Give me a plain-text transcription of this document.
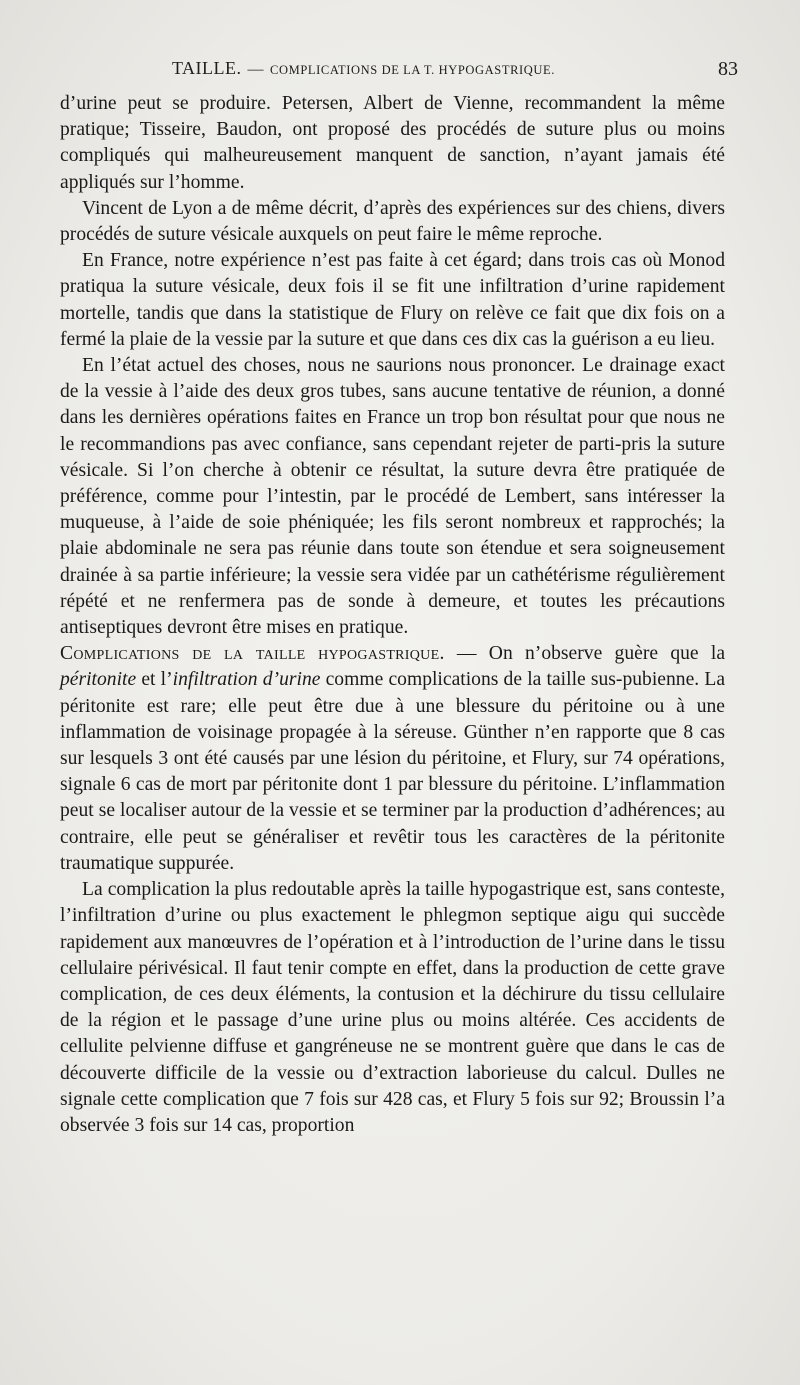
TAILLE. — COMPLICATIONS DE LA T. HYPOGASTRIQUE.	83

d’urine peut se produire. Petersen, Albert de Vienne, recommandent la même pratique; Tisseire, Baudon, ont proposé des procédés de suture plus ou moins compliqués qui malheureusement manquent de sanction, n’ayant jamais été appliqués sur l’homme.

Vincent de Lyon a de même décrit, d’après des expériences sur des chiens, divers procédés de suture vésicale auxquels on peut faire le même reproche.

En France, notre expérience n’est pas faite à cet égard; dans trois cas où Monod pratiqua la suture vésicale, deux fois il se fit une infiltration d’urine rapidement mortelle, tandis que dans la statistique de Flury on relève ce fait que dix fois on a fermé la plaie de la vessie par la suture et que dans ces dix cas la guérison a eu lieu.

En l’état actuel des choses, nous ne saurions nous prononcer. Le drainage exact de la vessie à l’aide des deux gros tubes, sans aucune tentative de réunion, a donné dans les dernières opérations faites en France un trop bon résultat pour que nous ne le recommandions pas avec confiance, sans cependant rejeter de parti-pris la suture vésicale. Si l’on cherche à obtenir ce résultat, la suture devra être pratiquée de préférence, comme pour l’intestin, par le procédé de Lembert, sans intéresser la muqueuse, à l’aide de soie phéniquée; les fils seront nombreux et rapprochés; la plaie abdominale ne sera pas réunie dans toute son étendue et sera soigneusement drainée à sa partie inférieure; la vessie sera vidée par un cathétérisme régulièrement répété et ne renfermera pas de sonde à demeure, et toutes les précautions antiseptiques devront être mises en pratique.

Complications de la taille hypogastrique. — On n’observe guère que la péritonite et l’infiltration d’urine comme complications de la taille sus-pubienne. La péritonite est rare; elle peut être due à une blessure du péritoine ou à une inflammation de voisinage propagée à la séreuse. Günther n’en rapporte que 8 cas sur lesquels 3 ont été causés par une lésion du péritoine, et Flury, sur 74 opérations, signale 6 cas de mort par péritonite dont 1 par blessure du péritoine. L’inflammation peut se localiser autour de la vessie et se terminer par la production d’adhérences; au contraire, elle peut se généraliser et revêtir tous les caractères de la péritonite traumatique suppurée.

La complication la plus redoutable après la taille hypogastrique est, sans conteste, l’infiltration d’urine ou plus exactement le phlegmon septique aigu qui succède rapidement aux manœuvres de l’opération et à l’introduction de l’urine dans le tissu cellulaire périvésical. Il faut tenir compte en effet, dans la production de cette grave complication, de ces deux éléments, la contusion et la déchirure du tissu cellulaire de la région et le passage d’une urine plus ou moins altérée. Ces accidents de cellulite pelvienne diffuse et gangréneuse ne se montrent guère que dans le cas de découverte difficile de la vessie ou d’extraction laborieuse du calcul. Dulles ne signale cette complication que 7 fois sur 428 cas, et Flury 5 fois sur 92; Broussin l’a observée 3 fois sur 14 cas, proportion
